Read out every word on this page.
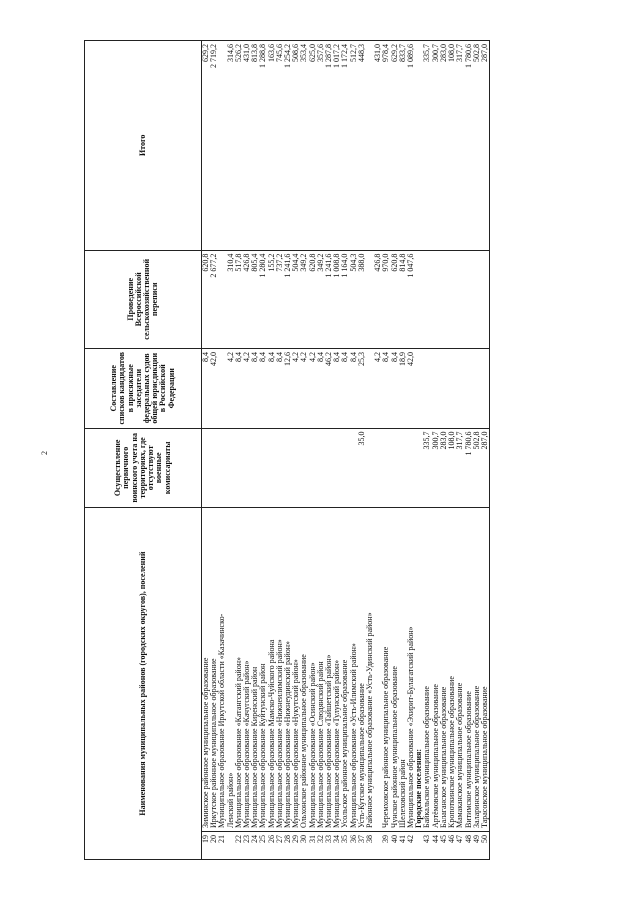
2
Наименования муниципальных районов (городских округов), поселений		Осуществление первичного воинского учета на территориях, где отсутствуют военные комиссариаты	Составление списков кандидатов в присяжные заседатели федеральных судов общей юрисдикции в Российской Федерации	Проведение Всероссийской сельскохозяйственной переписи	Итого
19	Зиминское районное муниципальное образование		8,4	620,8	629,2
20	Иркутское районное муниципальное образование		42,0	2 677,2	2 719,2
21	Муниципальное образование Иркутской области «Казачинско-				
	Ленский район»		4,2	310,4	314,6
22	Муниципальное образование «Катангский район»		8,4	517,8	526,2
23	Муниципальное образование «Качугский район»		4,2	426,8	431,0
24	Муниципальное образование Киренский район		8,4	805,4	813,8
25	Муниципальное образование Куйтунский район		8,4	1 280,4	1 288,8
26	Муниципальное образование Мамско-Чуйского района		8,4	155,2	163,6
27	Муниципальное образование «Нижнеилимский район»		8,4	737,2	745,6
28	Муниципальное образование «Нижнеудинский район»		12,6	1 241,6	1 254,2
29	Муниципальное образование «Нукутский район»		4,2	504,4	508,6
30	Ольхонское районное муниципальное образование		4,2	349,2	353,4
31	Муниципальное образование «Осинский район»		4,2	620,8	625,0
32	Муниципальное образование Слюдянский район		8,4	349,2	357,6
33	Муниципальное образование «Тайшетский район»		46,2	1 241,6	1 287,8
34	Муниципальное образование «Тулунский район»		8,4	1 008,8	1 017,2
35	Усольское районное муниципальное образование		8,4	1 164,0	1 172,4
36	Муниципальное образование «Усть-Илимский район»		8,4	504,3	512,7
37	Усть-Кутское муниципальное образование	35,0	25,3	388,0	448,3
38	Районное муниципальное образование «Усть-Удинский район»				
			4,2	426,8	431,0
39	Черемховское районное муниципальное образование		8,4	970,0	978,4
40	Чунское районное муниципальное образование		8,4	620,8	629,2
41	Шелеховский район		18,9	814,8	833,7
42	Муниципальное образование «Эхирит-Булагатский район»		42,0	1 047,6	1 089,6
	Городские поселения:				
43	Байкальское муниципальное образование	335,7			335,7
44	Артёмовское муниципальное образование	300,7			300,7
45	Балаганское муниципальное образование	283,0			283,0
46	Кропоткинское муниципальное образование	108,0			108,0
47	Мамаканское муниципальное образование	317,7			317,7
48	Витимское муниципальное образование	1 780,6			1 780,6
49	Заларинское муниципальное образование	502,8			502,8
50	Тарасовское муниципальное образование	287,0			287,0
